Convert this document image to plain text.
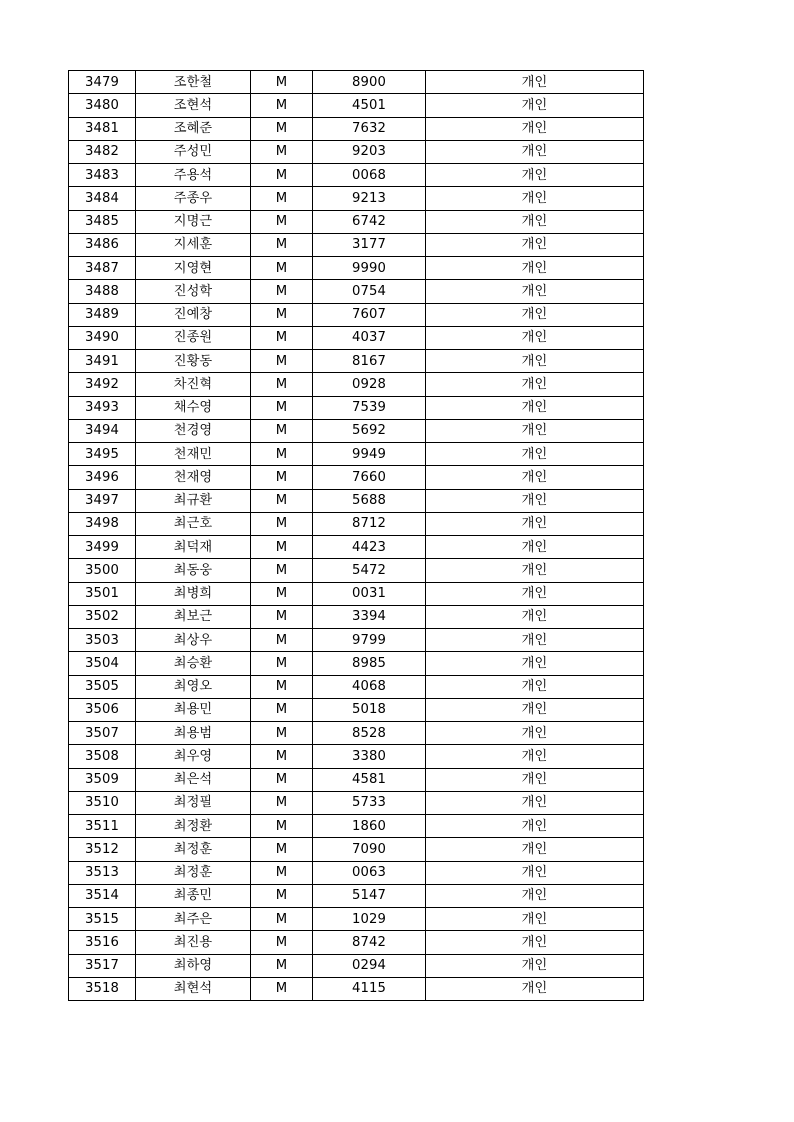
3479	조한철	M	8900	개인
3480	조현석	M	4501	개인
3481	조혜준	M	7632	개인
3482	주성민	M	9203	개인
3483	주용석	M	0068	개인
3484	주종우	M	9213	개인
3485	지명근	M	6742	개인
3486	지세훈	M	3177	개인
3487	지영현	M	9990	개인
3488	진성학	M	0754	개인
3489	진예창	M	7607	개인
3490	진종원	M	4037	개인
3491	진황동	M	8167	개인
3492	차진혁	M	0928	개인
3493	채수영	M	7539	개인
3494	천경영	M	5692	개인
3495	천재민	M	9949	개인
3496	천재영	M	7660	개인
3497	최규환	M	5688	개인
3498	최근호	M	8712	개인
3499	최덕재	M	4423	개인
3500	최동웅	M	5472	개인
3501	최병희	M	0031	개인
3502	최보근	M	3394	개인
3503	최상우	M	9799	개인
3504	최승환	M	8985	개인
3505	최영오	M	4068	개인
3506	최용민	M	5018	개인
3507	최용범	M	8528	개인
3508	최우영	M	3380	개인
3509	최은석	M	4581	개인
3510	최정필	M	5733	개인
3511	최정환	M	1860	개인
3512	최정훈	M	7090	개인
3513	최정훈	M	0063	개인
3514	최종민	M	5147	개인
3515	최주은	M	1029	개인
3516	최진용	M	8742	개인
3517	최하영	M	0294	개인
3518	최현석	M	4115	개인
